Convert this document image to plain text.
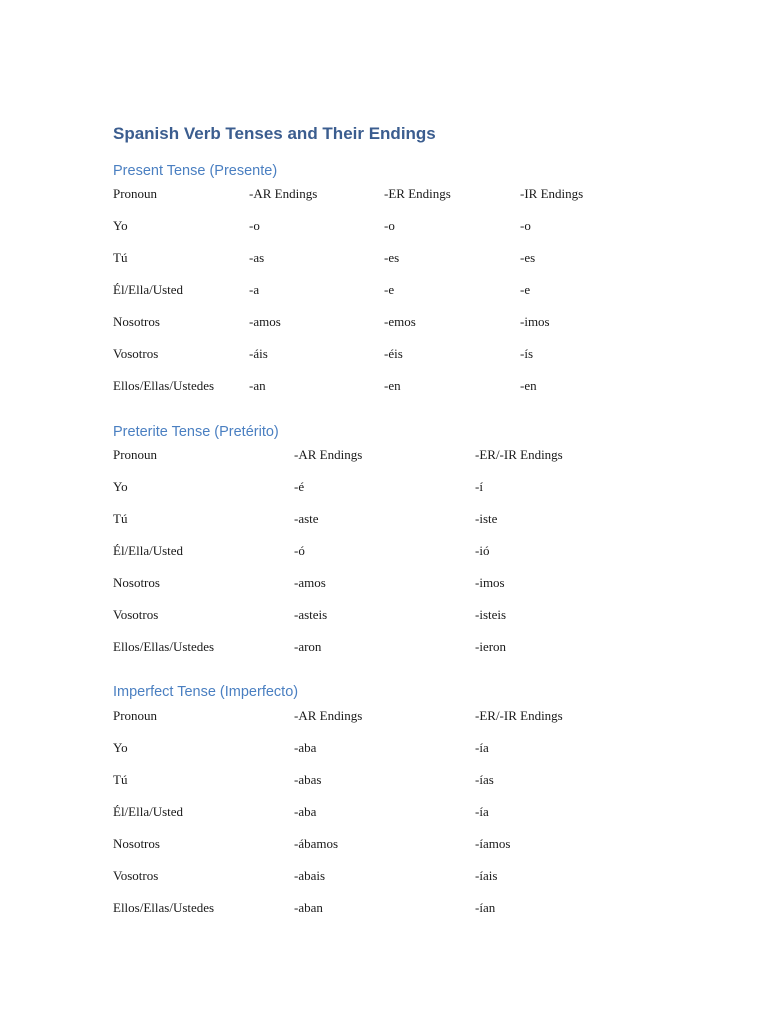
Spanish Verb Tenses and Their Endings
Present Tense (Presente)
Pronoun	-AR Endings	-ER Endings	-IR Endings
Yo	-o	-o	-o
Tú	-as	-es	-es
Él/Ella/Usted	-a	-e	-e
Nosotros	-amos	-emos	-imos
Vosotros	-áis	-éis	-ís
Ellos/Ellas/Ustedes	-an	-en	-en
Preterite Tense (Pretérito)
Pronoun	-AR Endings	-ER/-IR Endings
Yo	-é	-í
Tú	-aste	-iste
Él/Ella/Usted	-ó	-ió
Nosotros	-amos	-imos
Vosotros	-asteis	-isteis
Ellos/Ellas/Ustedes	-aron	-ieron
Imperfect Tense (Imperfecto)
Pronoun	-AR Endings	-ER/-IR Endings
Yo	-aba	-ía
Tú	-abas	-ías
Él/Ella/Usted	-aba	-ía
Nosotros	-ábamos	-íamos
Vosotros	-abais	-íais
Ellos/Ellas/Ustedes	-aban	-ían
